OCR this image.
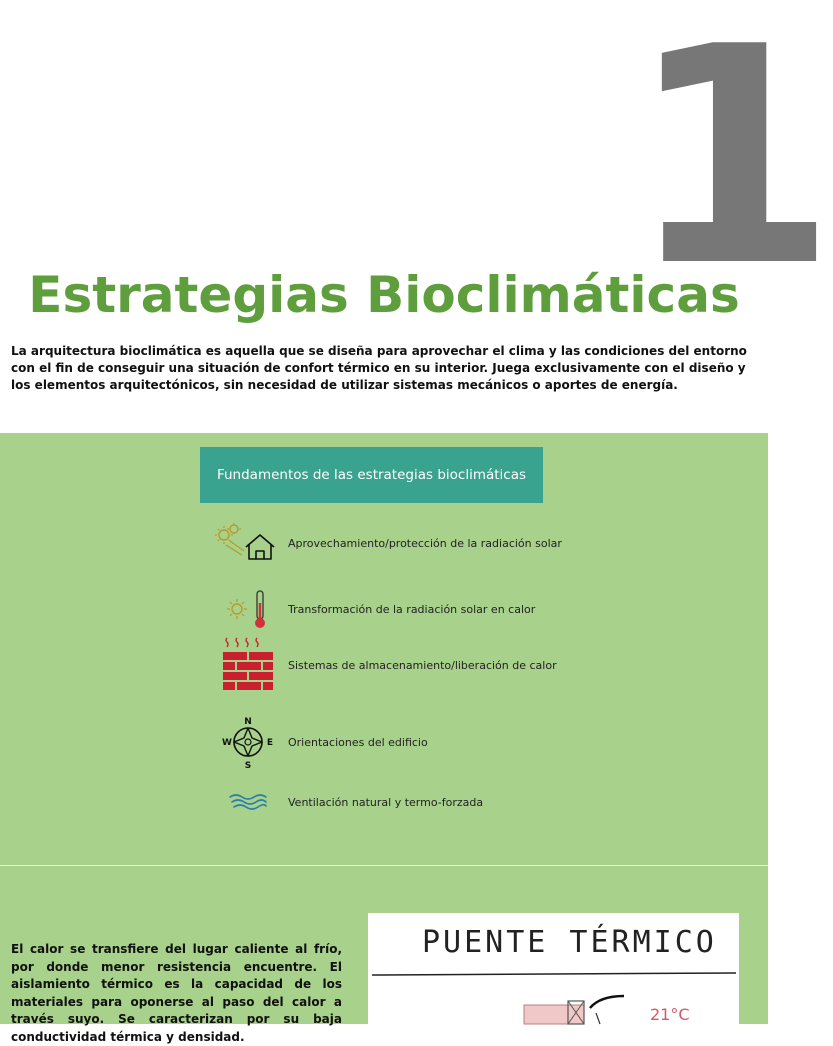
1
Estrategias Bioclimáticas
La arquitectura bioclimática es aquella que se diseña para aprovechar el clima y las condiciones del entorno con el fin de conseguir una situación de confort térmico en su interior. Juega exclusivamente con el diseño y los elementos arquitectónicos, sin necesidad de utilizar sistemas mecánicos o aportes de energía.
Fundamentos de las estrategias bioclimáticas
Aprovechamiento/protección de la radiación solar
Transformación de la radiación solar en calor
Sistemas de almacenamiento/liberación de calor
N
S
E
W	Orientaciones del edificio
Ventilación natural y termo-forzada
El calor se transfiere del lugar caliente al frío, por donde menor resistencia encuentre. El aislamiento térmico es la capacidad de los materiales para oponerse al paso del calor a través suyo. Se caracterizan por su baja conductividad térmica y densidad.
PUENTE TÉRMICO
21°C
